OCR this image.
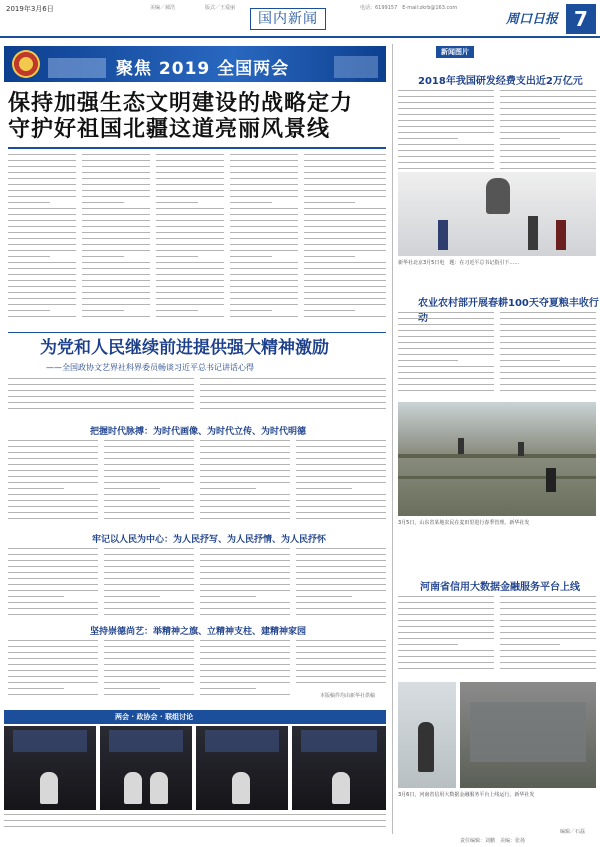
2019年3月6日	美编／郝浩	版式／王爱丽
国内新闻
电话：6199157　E-mail:zkrb@163.com
周口日报 7
聚焦 2019 全国两会
保持加强生态文明建设的战略定力
守护好祖国北疆这道亮丽风景线
为党和人民继续前进提供强大精神激励
——全国政协文艺界社科界委员畅谈习近平总书记讲话心得
把握时代脉搏：为时代画像、为时代立传、为时代明德
牢记以人民为中心：为人民抒写、为人民抒情、为人民抒怀
坚持崇德尚艺：举精神之旗、立精神支柱、建精神家园
本版稿件均由新华社供稿
两会 · 政协会 · 联组讨论
新闻图片
2018年我国研发经费支出近2万亿元
新华社北京3月5日电　题：在习近平总书记指引下……
农业农村部开展春耕100天夺夏粮丰收行
3月5日，山东省某地农民在麦田里进行春季管理。新华社发
河南省信用大数据金融服务平台上线
3月6日，河南省信用大数据金融服务平台上线运行。新华社发
编辑／石磊
责任编辑：刘鹏　美编：张扬
